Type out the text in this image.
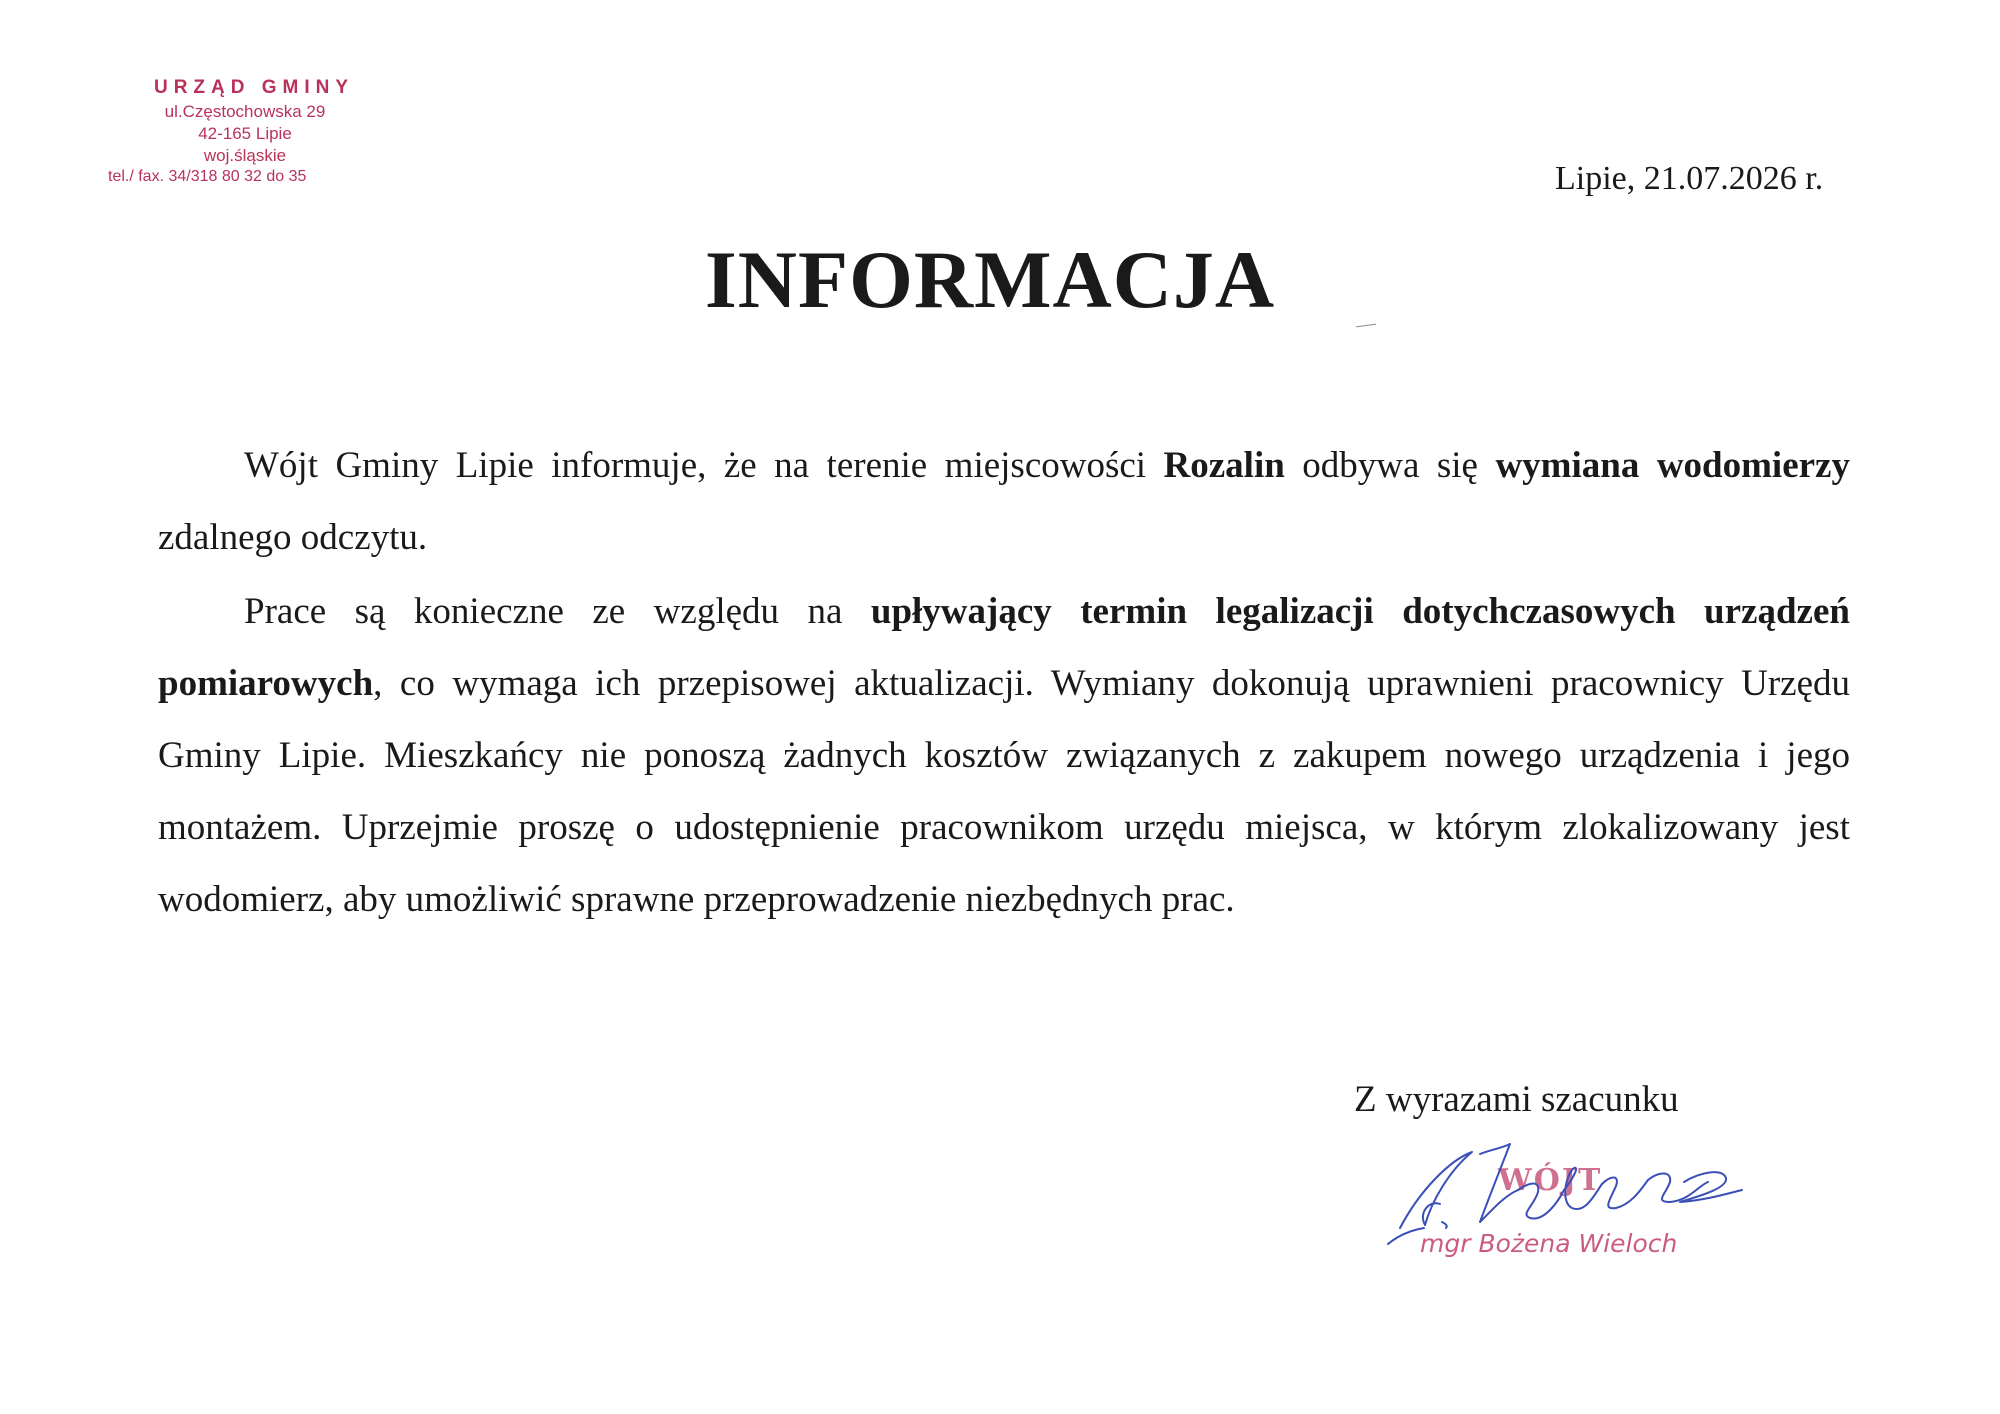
URZĄD GMINY
ul.Częstochowska 29
42-165 Lipie
woj.śląskie
tel./ fax. 34/318 80 32 do 35	Lipie, 21.07.2026 r.
INFORMACJA

Wójt Gminy Lipie informuje, że na terenie miejscowości Rozalin odbywa się wymiana wodomierzy zdalnego odczytu.

Prace są konieczne ze względu na upływający termin legalizacji dotychczasowych urządzeń pomiarowych, co wymaga ich przepisowej aktualizacji. Wymiany dokonują uprawnieni pracownicy Urzędu Gminy Lipie. Mieszkańcy nie ponoszą żadnych kosztów związanych z zakupem nowego urządzenia i jego montażem. Uprzejmie proszę o udostępnienie pracownikom urzędu miejsca, w którym zlokalizowany jest wodomierz, aby umożliwić sprawne przeprowadzenie niezbędnych prac.

Z wyrazami szacunku
WÓJT
mgr Bożena Wieloch
